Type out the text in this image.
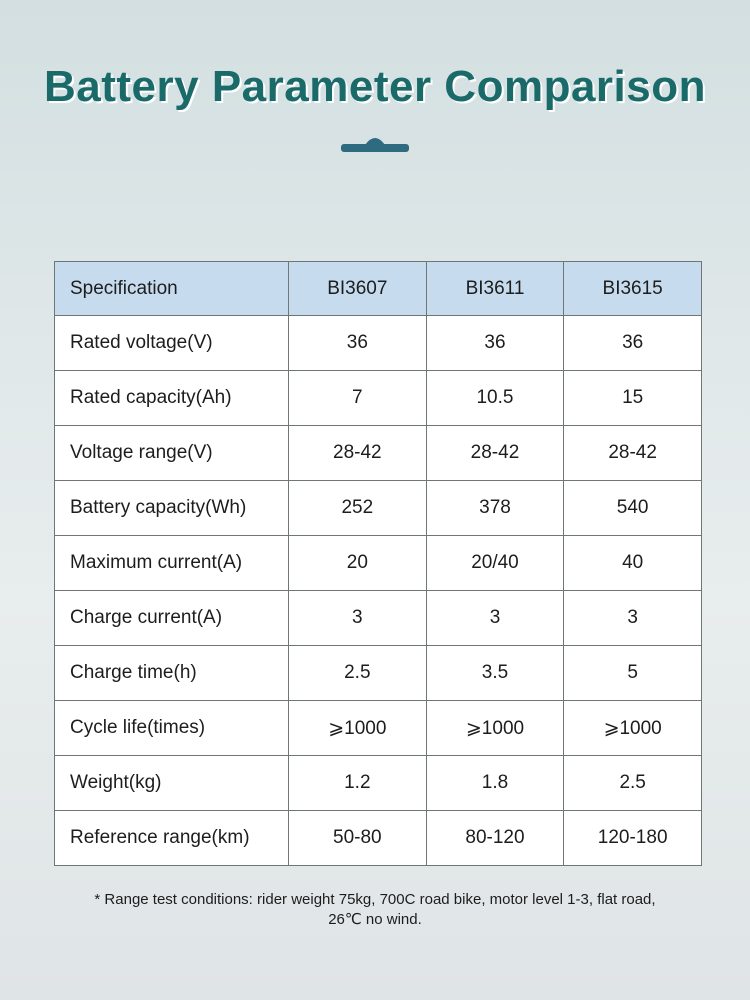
Battery Parameter Comparison
Specification	BI3607	BI3611	BI3615
Rated voltage(V)	36	36	36
Rated capacity(Ah)	7	10.5	15
Voltage range(V)	28-42	28-42	28-42
Battery capacity(Wh)	252	378	540
Maximum current(A)	20	20/40	40
Charge current(A)	3	3	3
Charge time(h)	2.5	3.5	5
Cycle life(times)	⩾1000	⩾1000	⩾1000
Weight(kg)	1.2	1.8	2.5
Reference range(km)	50-80	80-120	120-180
* Range test conditions: rider weight 75kg, 700C road bike, motor level 1-3, flat road,
26℃ no wind.
